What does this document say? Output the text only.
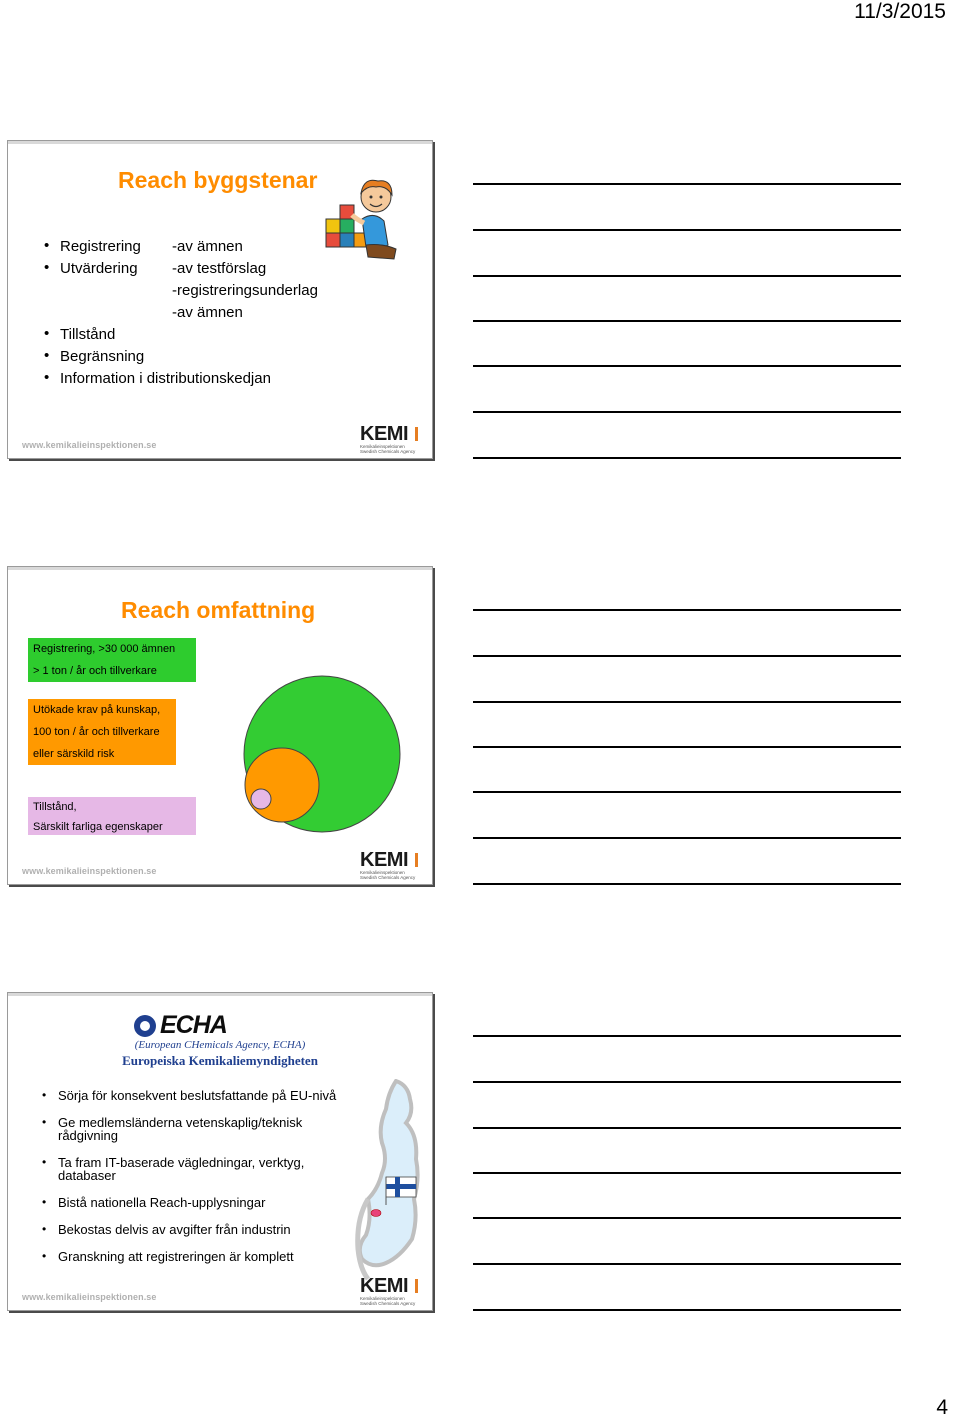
11/3/2015
Reach byggstenar
• Registrering -av ämnen
• Utvärdering -av testförslag
-registreringsunderlag
-av ämnen
• Tillstånd
• Begränsning
• Information i distributionskedjan
www.kemikalieinspektionen.se	KEMI
Kemikalieinspektionen
Swedish Chemicals Agency
Reach omfattning
Registrering, >30 000 ämnen
> 1 ton / år och tillverkare
Utökade krav på kunskap,
100 ton / år och tillverkare
eller särskild risk
Tillstånd,
Särskilt farliga egenskaper
www.kemikalieinspektionen.se	KEMI
Kemikalieinspektionen
Swedish Chemicals Agency
ECHA
(European CHemicals Agency, ECHA)
Europeiska Kemikaliemyndigheten
• Sörja för konsekvent beslutsfattande på EU-nivå
• Ge medlemsländerna vetenskaplig/teknisk rådgivning
• Ta fram IT-baserade vägledningar, verktyg, databaser
• Bistå nationella Reach-upplysningar
• Bekostas delvis av avgifter från industrin
• Granskning att registreringen är komplett
www.kemikalieinspektionen.se	KEMI
Kemikalieinspektionen
Swedish Chemicals Agency
4
